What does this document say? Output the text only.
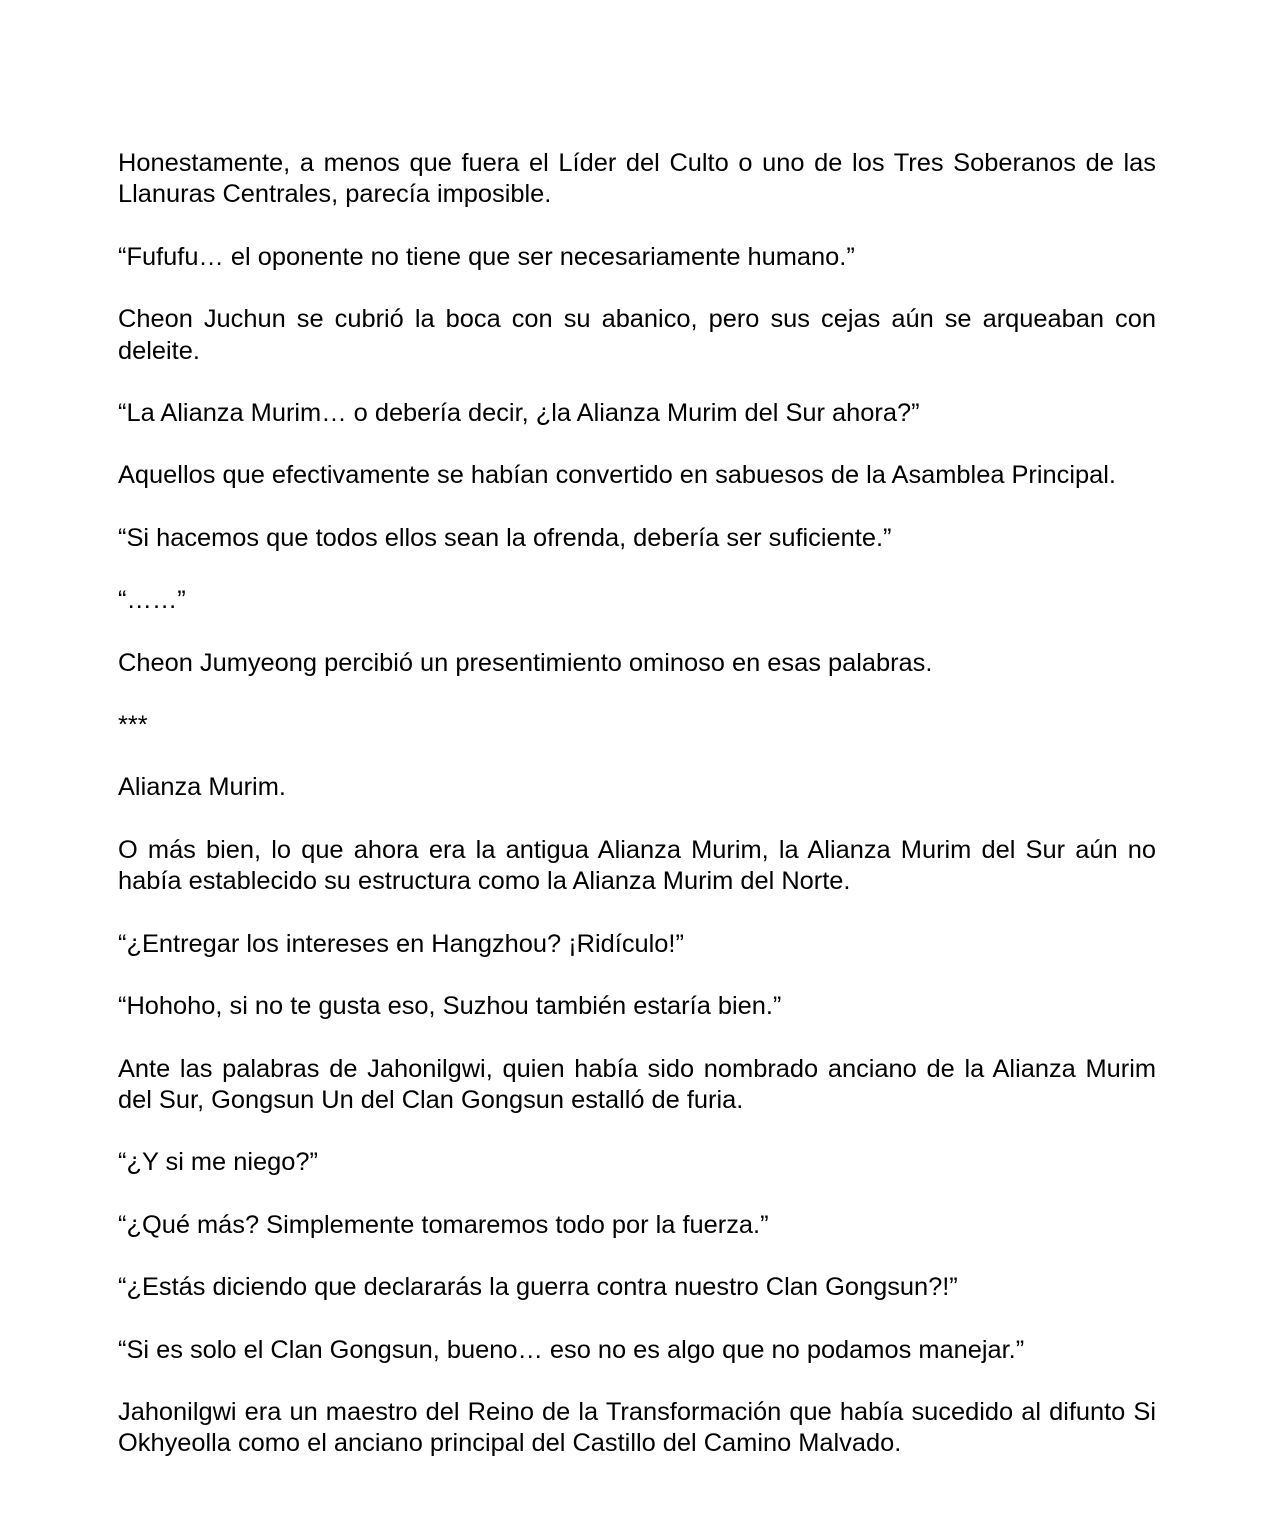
Honestamente, a menos que fuera el Líder del Culto o uno de los Tres Soberanos de las Llanuras Centrales, parecía imposible.

“Fufufu… el oponente no tiene que ser necesariamente humano.”

Cheon Juchun se cubrió la boca con su abanico, pero sus cejas aún se arqueaban con deleite.

“La Alianza Murim… o debería decir, ¿la Alianza Murim del Sur ahora?”

Aquellos que efectivamente se habían convertido en sabuesos de la Asamblea Principal.

“Si hacemos que todos ellos sean la ofrenda, debería ser suficiente.”

“……”

Cheon Jumyeong percibió un presentimiento ominoso en esas palabras.

***

Alianza Murim.

O más bien, lo que ahora era la antigua Alianza Murim, la Alianza Murim del Sur aún no había establecido su estructura como la Alianza Murim del Norte.

“¿Entregar los intereses en Hangzhou? ¡Ridículo!”

“Hohoho, si no te gusta eso, Suzhou también estaría bien.”

Ante las palabras de Jahonilgwi, quien había sido nombrado anciano de la Alianza Murim del Sur, Gongsun Un del Clan Gongsun estalló de furia.

“¿Y si me niego?”

“¿Qué más? Simplemente tomaremos todo por la fuerza.”

“¿Estás diciendo que declararás la guerra contra nuestro Clan Gongsun?!”

“Si es solo el Clan Gongsun, bueno… eso no es algo que no podamos manejar.”

Jahonilgwi era un maestro del Reino de la Transformación que había sucedido al difunto Si Okhyeolla como el anciano principal del Castillo del Camino Malvado.
